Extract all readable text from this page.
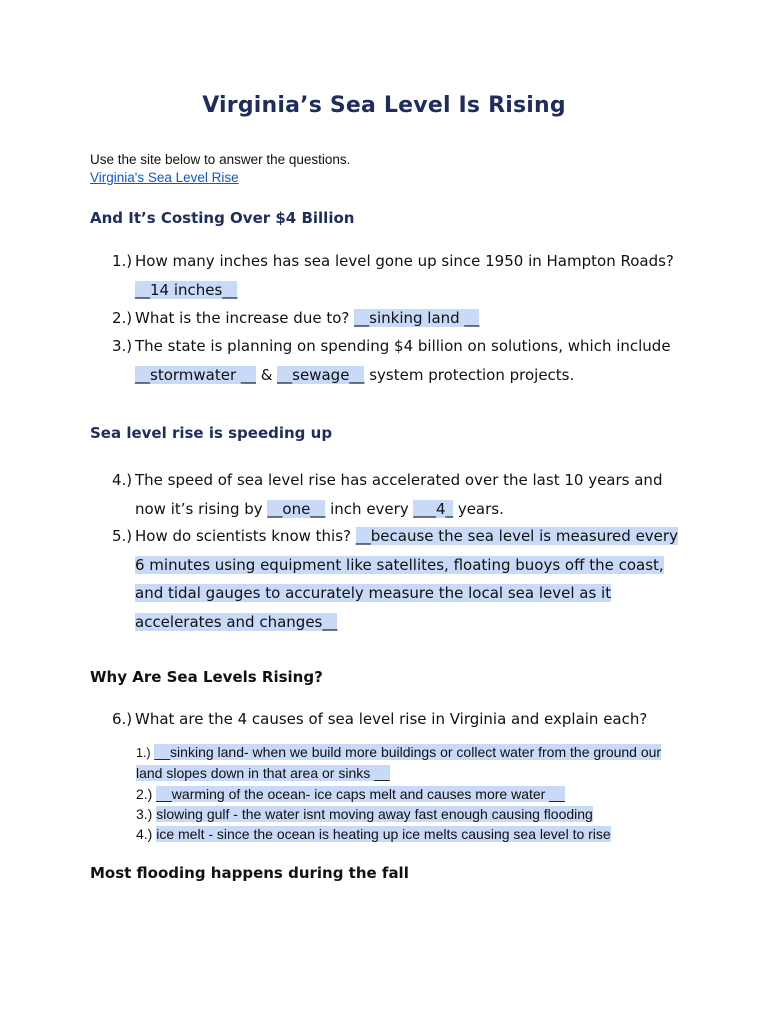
Virginia’s Sea Level Is Rising
Use the site below to answer the questions.
Virginia's Sea Level Rise
And It’s Costing Over $4 Billion
1.) How many inches has sea level gone up since 1950 in Hampton Roads? __14 inches__
2.) What is the increase due to? __sinking land __
3.) The state is planning on spending $4 billion on solutions, which include __stormwater __ & __sewage__ system protection projects.
Sea level rise is speeding up
4.) The speed of sea level rise has accelerated over the last 10 years and now it’s rising by __one__ inch every ___4_ years.
5.) How do scientists know this? __because the sea level is measured every 6 minutes using equipment like satellites, floating buoys off the coast, and tidal gauges to accurately measure the local sea level as it accelerates and changes__
Why Are Sea Levels Rising?
6.) What are the 4 causes of sea level rise in Virginia and explain each?
1.) __sinking land- when we build more buildings or collect water from the ground our land slopes down in that area or sinks __
2.) __warming of the ocean- ice caps melt and causes more water __
3.) slowing gulf - the water isnt moving away fast enough causing flooding
4.) ice melt - since the ocean is heating up ice melts causing sea level to rise
Most flooding happens during the fall
